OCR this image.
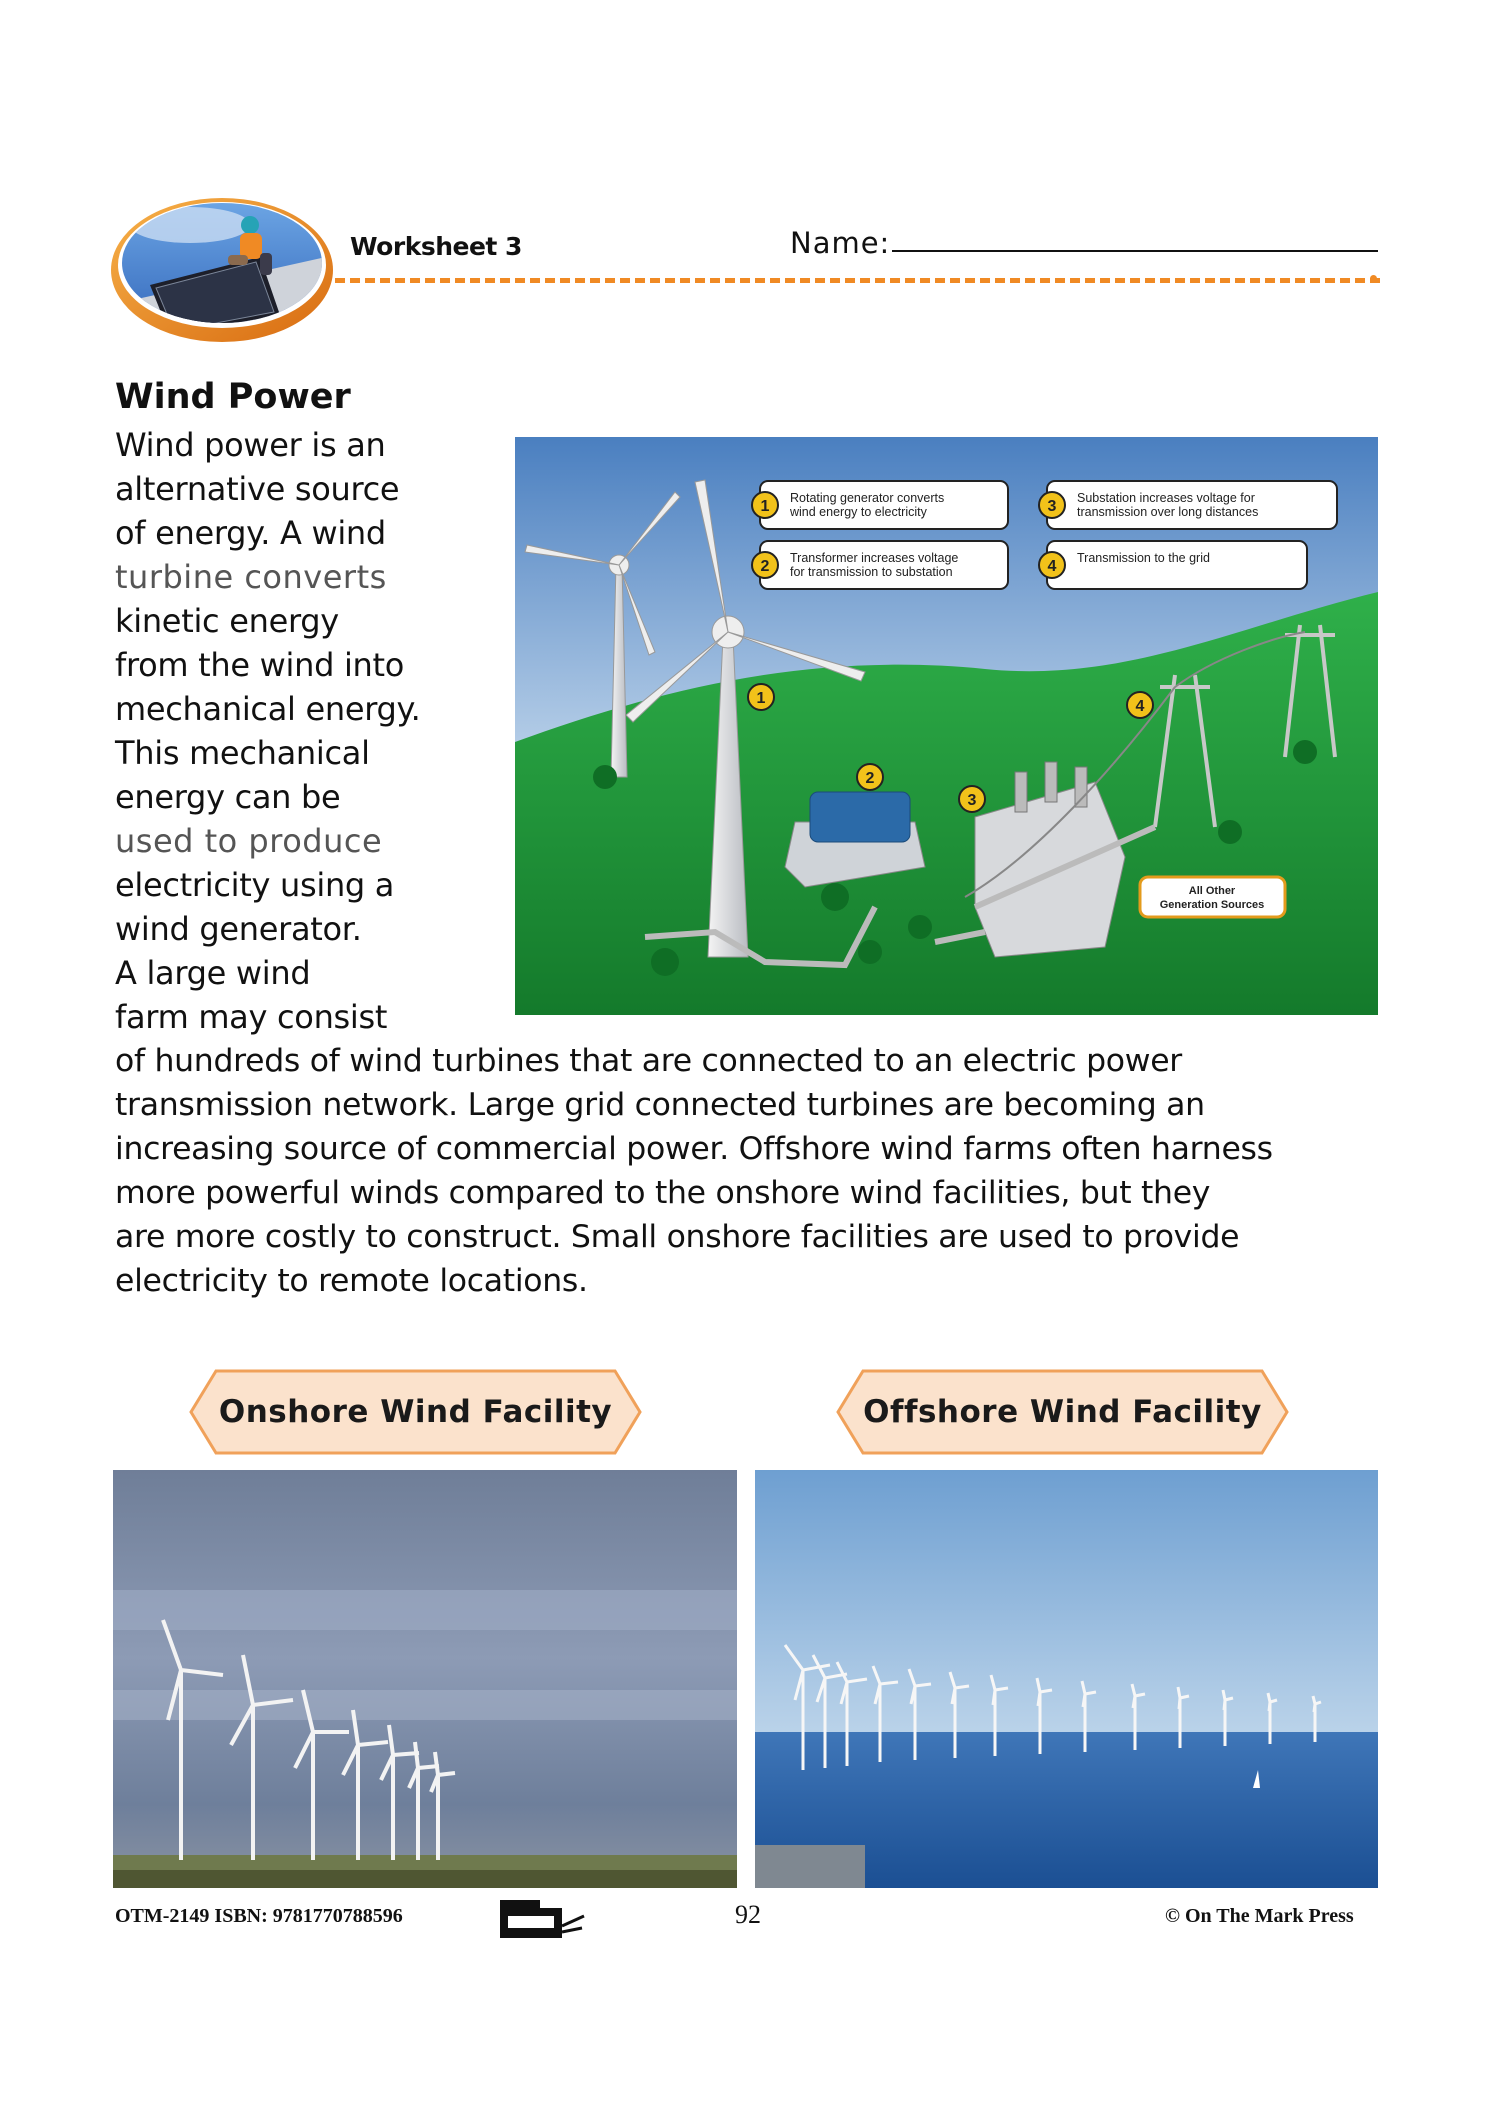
Worksheet 3	Name:
Wind Power
Wind power is an
alternative source
of energy. A wind
turbine converts
kinetic energy
from the wind into
mechanical energy.
This mechanical
energy can be
used to produce
electricity using a
wind generator.
A large wind
farm may consist
of hundreds of wind turbines that are connected to an electric power
transmission network. Large grid connected turbines are becoming an
increasing source of commercial power. Offshore wind farms often harness
more powerful winds compared to the onshore wind facilities, but they
are more costly to construct. Small onshore facilities are used to provide
electricity to remote locations.
All Other
Generation Sources
1 Rotating generator converts
wind energy to electricity
2 Transformer increases voltage
for transmission to substation
3 Substation increases voltage for
transmission over long distances
4 Transmission to the grid
1
2
3
4
Onshore Wind Facility	Offshore Wind Facility
OTM-2149 ISBN: 9781770788596	92	© On The Mark Press
